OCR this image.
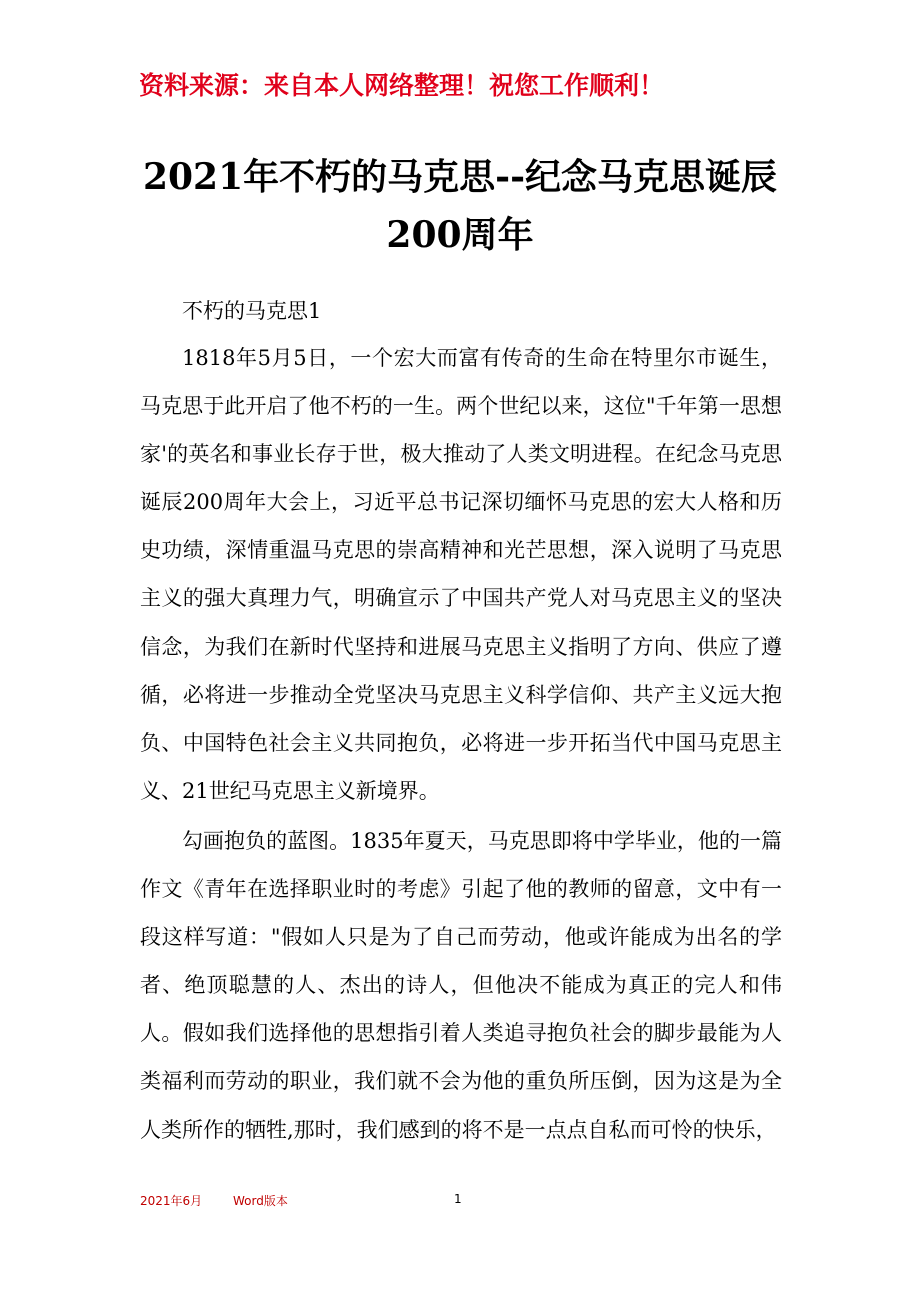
资料来源：来自本人网络整理！祝您工作顺利！
2021年不朽的马克思--纪念马克思诞辰200周年
不朽的马克思1

1818年5月5日，一个宏大而富有传奇的生命在特里尔市诞生，马克思于此开启了他不朽的一生。两个世纪以来，这位"千年第一思想家'的英名和事业长存于世，极大推动了人类文明进程。在纪念马克思诞辰200周年大会上，习近平总书记深切缅怀马克思的宏大人格和历史功绩，深情重温马克思的崇高精神和光芒思想，深入说明了马克思主义的强大真理力气，明确宣示了中国共产党人对马克思主义的坚决信念，为我们在新时代坚持和进展马克思主义指明了方向、供应了遵循，必将进一步推动全党坚决马克思主义科学信仰、共产主义远大抱负、中国特色社会主义共同抱负，必将进一步开拓当代中国马克思主义、21世纪马克思主义新境界。

勾画抱负的蓝图。1835年夏天，马克思即将中学毕业，他的一篇作文《青年在选择职业时的考虑》引起了他的教师的留意，文中有一段这样写道："假如人只是为了自己而劳动，他或许能成为出名的学者、绝顶聪慧的人、杰出的诗人，但他决不能成为真正的完人和伟人。假如我们选择他的思想指引着人类追寻抱负社会的脚步最能为人类福利而劳动的职业，我们就不会为他的重负所压倒，因为这是为全人类所作的牺牲,那时，我们感到的将不是一点点自私而可怜的快乐，

2021年6月	Word版本	1
